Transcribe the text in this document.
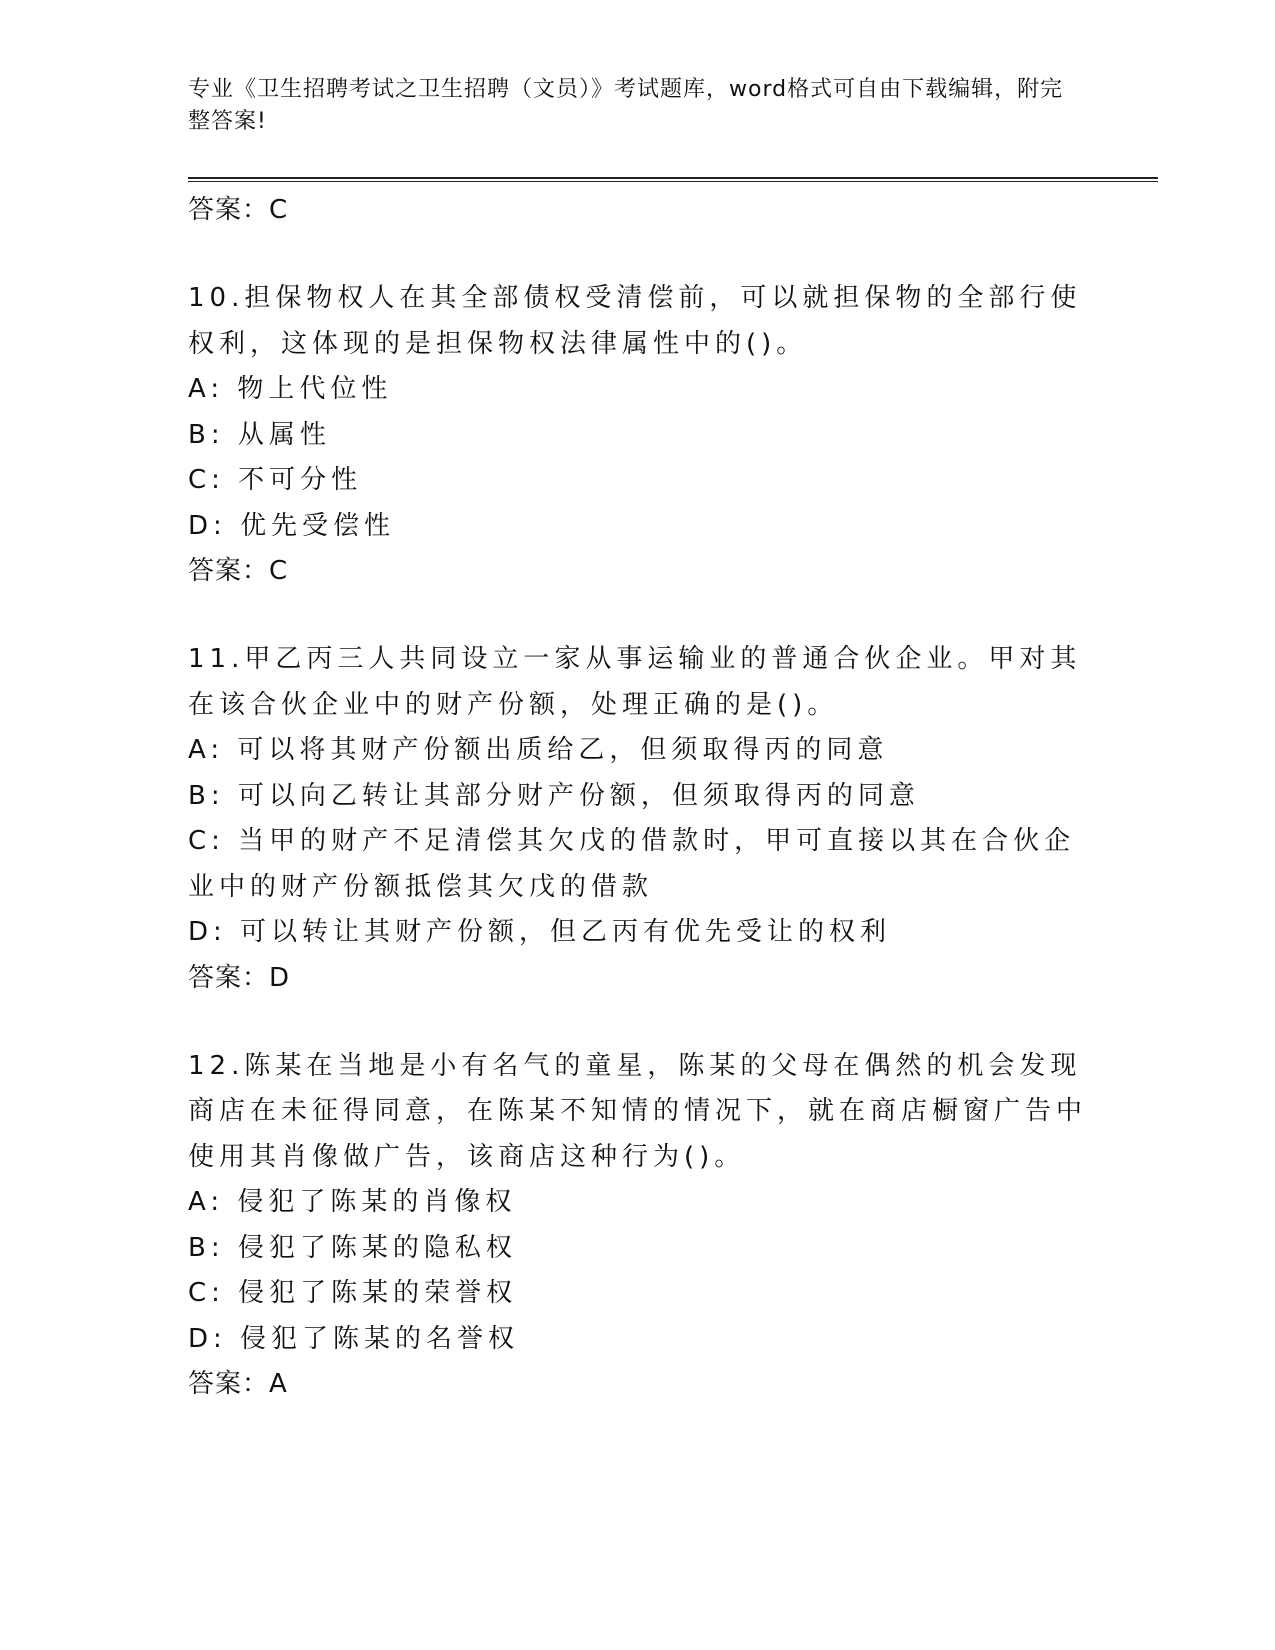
专业《卫生招聘考试之卫生招聘（文员）》考试题库，word格式可自由下载编辑，附完整答案!
答案：C

10.担保物权人在其全部债权受清偿前，可以就担保物的全部行使权利，这体现的是担保物权法律属性中的()。

A: 物上代位性

B: 从属性

C: 不可分性

D: 优先受偿性

答案：C

11.甲乙丙三人共同设立一家从事运输业的普通合伙企业。甲对其在该合伙企业中的财产份额，处理正确的是()。

A: 可以将其财产份额出质给乙，但须取得丙的同意

B: 可以向乙转让其部分财产份额，但须取得丙的同意

C: 当甲的财产不足清偿其欠戊的借款时，甲可直接以其在合伙企业中的财产份额抵偿其欠戊的借款

D: 可以转让其财产份额，但乙丙有优先受让的权利

答案：D

12.陈某在当地是小有名气的童星，陈某的父母在偶然的机会发现商店在未征得同意，在陈某不知情的情况下，就在商店橱窗广告中使用其肖像做广告，该商店这种行为()。

A: 侵犯了陈某的肖像权

B: 侵犯了陈某的隐私权

C: 侵犯了陈某的荣誉权

D: 侵犯了陈某的名誉权

答案：A
